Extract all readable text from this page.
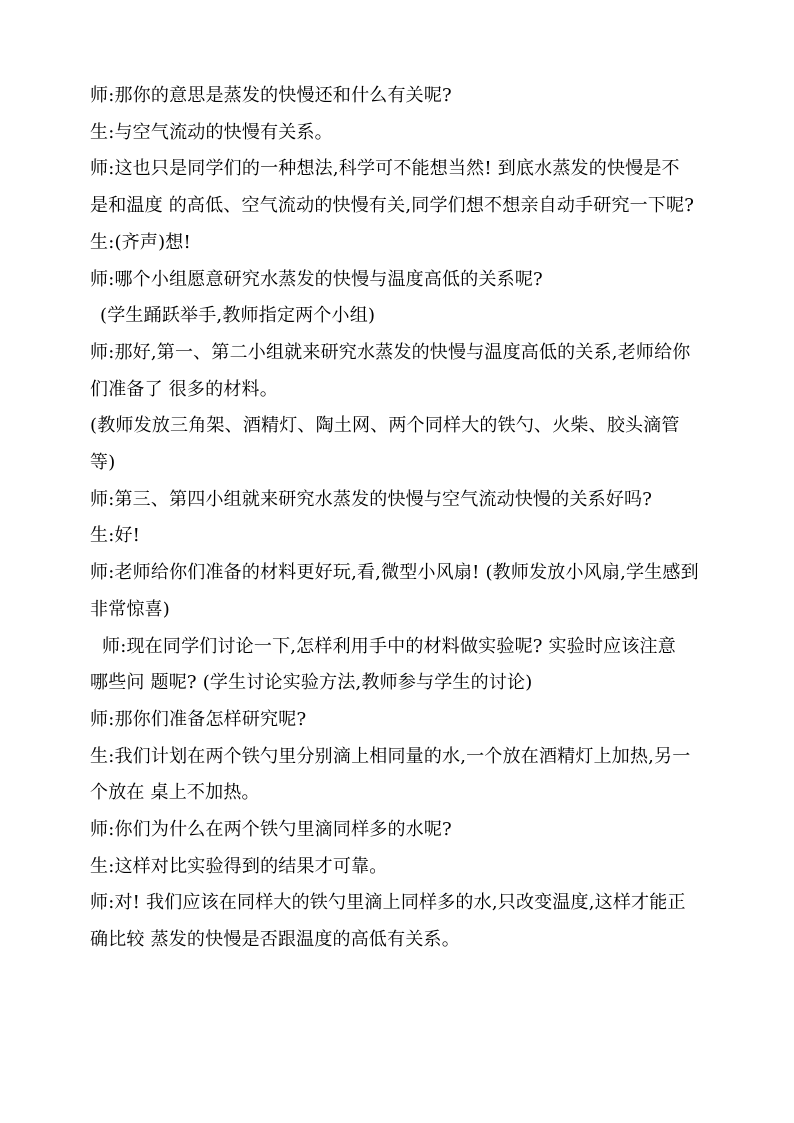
师:那你的意思是蒸发的快慢还和什么有关呢?
生:与空气流动的快慢有关系。
师:这也只是同学们的一种想法,科学可不能想当然! 到底水蒸发的快慢是不
是和温度 的高低、空气流动的快慢有关,同学们想不想亲自动手研究一下呢?
生:(齐声)想!
师:哪个小组愿意研究水蒸发的快慢与温度高低的关系呢?
(学生踊跃举手,教师指定两个小组)
师:那好,第一、第二小组就来研究水蒸发的快慢与温度高低的关系,老师给你
们准备了 很多的材料。
(教师发放三角架、酒精灯、陶土网、两个同样大的铁勺、火柴、胶头滴管
等)
师:第三、第四小组就来研究水蒸发的快慢与空气流动快慢的关系好吗?
生:好!
师:老师给你们准备的材料更好玩,看,微型小风扇! (教师发放小风扇,学生感到
非常惊喜)
师:现在同学们讨论一下,怎样利用手中的材料做实验呢? 实验时应该注意
哪些问 题呢? (学生讨论实验方法,教师参与学生的讨论)
师:那你们准备怎样研究呢?
生:我们计划在两个铁勺里分别滴上相同量的水,一个放在酒精灯上加热,另一
个放在 桌上不加热。
师:你们为什么在两个铁勺里滴同样多的水呢?
生:这样对比实验得到的结果才可靠。
师:对! 我们应该在同样大的铁勺里滴上同样多的水,只改变温度,这样才能正
确比较 蒸发的快慢是否跟温度的高低有关系。
